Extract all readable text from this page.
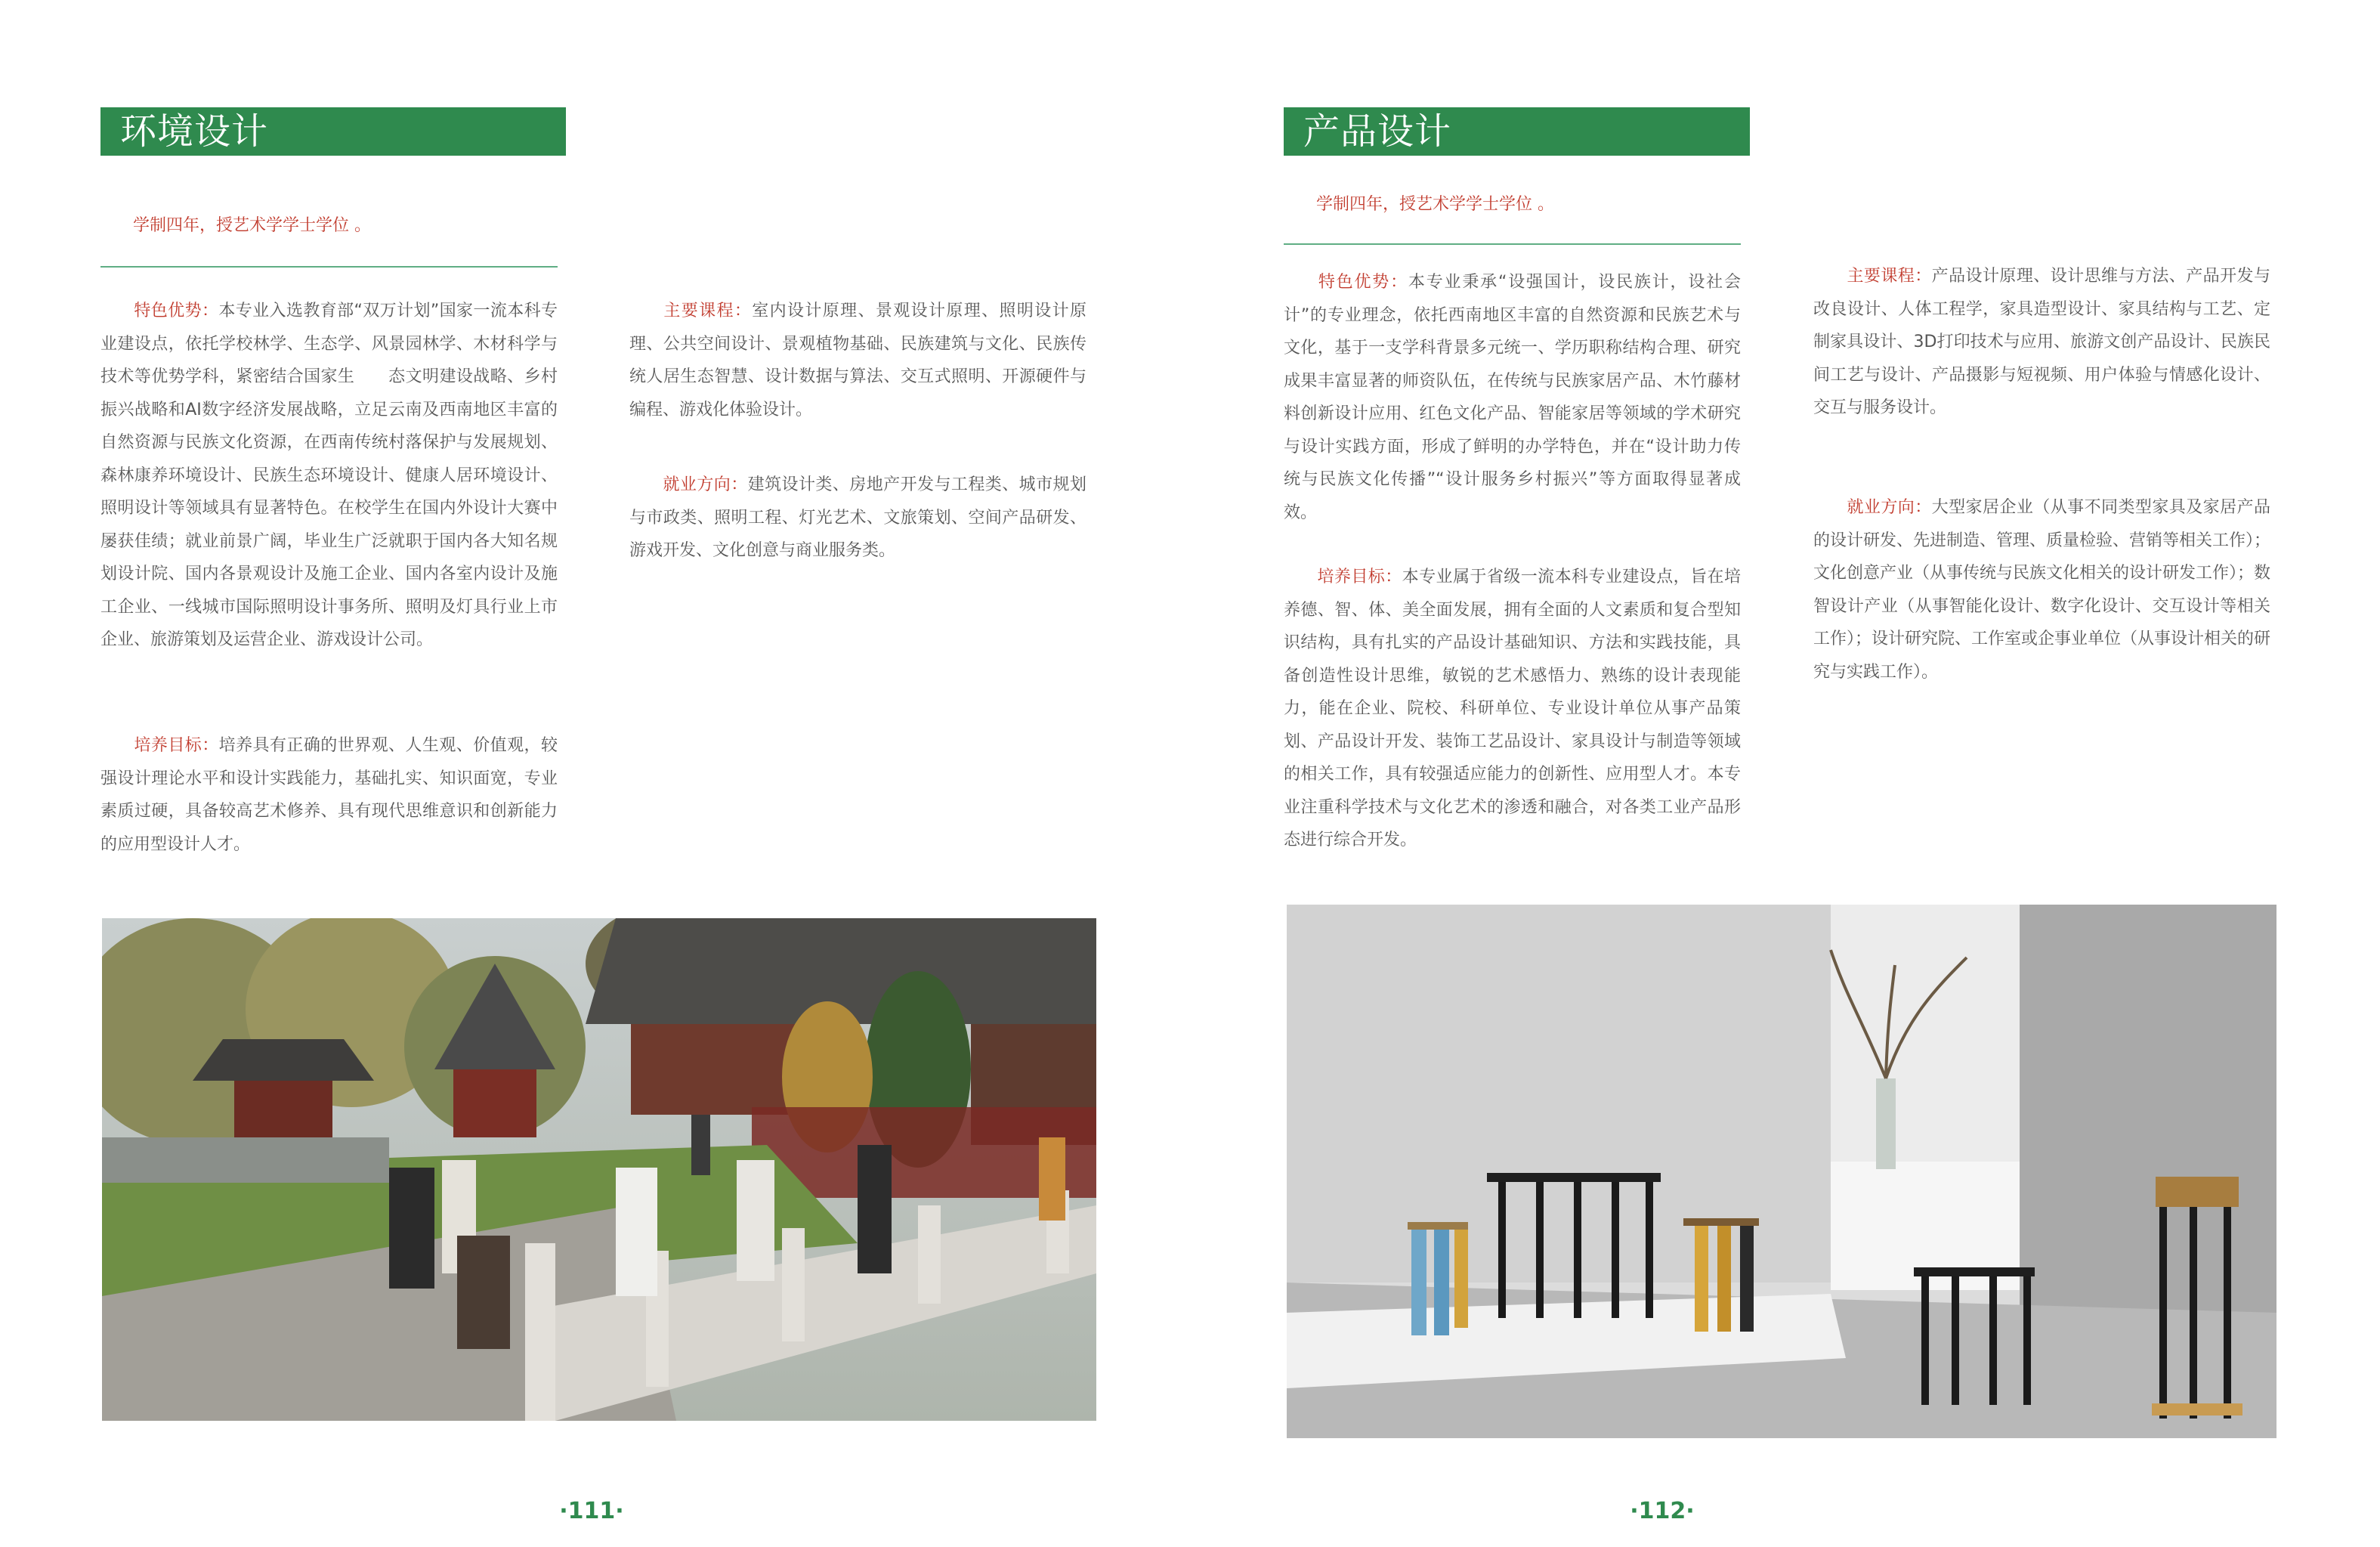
环境设计
学制四年，授艺术学学士学位 。

特色优势：本专业入选教育部“双万计划”国家一流本科专业建设点，依托学校林学、生态学、风景园林学、木材科学与技术等优势学科，紧密结合国家生　　态文明建设战略、乡村振兴战略和AI数字经济发展战略，立足云南及西南地区丰富的自然资源与民族文化资源，在西南传统村落保护与发展规划、森林康养环境设计、民族生态环境设计、健康人居环境设计、照明设计等领域具有显著特色。在校学生在国内外设计大赛中屡获佳绩；就业前景广阔，毕业生广泛就职于国内各大知名规划设计院、国内各景观设计及施工企业、国内各室内设计及施工企业、一线城市国际照明设计事务所、照明及灯具行业上市企业、旅游策划及运营企业、游戏设计公司。

培养目标：培养具有正确的世界观、人生观、价值观，较强设计理论水平和设计实践能力，基础扎实、知识面宽，专业素质过硬，具备较高艺术修养、具有现代思维意识和创新能力的应用型设计人才。

主要课程：室内设计原理、景观设计原理、照明设计原理、公共空间设计、景观植物基础、民族建筑与文化、民族传统人居生态智慧、设计数据与算法、交互式照明、开源硬件与编程、游戏化体验设计。

就业方向：建筑设计类、房地产开发与工程类、城市规划与市政类、照明工程、灯光艺术、文旅策划、空间产品研发、游戏开发、文化创意与商业服务类。

·111·
产品设计
学制四年，授艺术学学士学位 。

特色优势：本专业秉承“设强国计，设民族计，设社会计”的专业理念，依托西南地区丰富的自然资源和民族艺术与文化，基于一支学科背景多元统一、学历职称结构合理、研究成果丰富显著的师资队伍，在传统与民族家居产品、木竹藤材料创新设计应用、红色文化产品、智能家居等领域的学术研究与设计实践方面，形成了鲜明的办学特色，并在“设计助力传统与民族文化传播”“设计服务乡村振兴”等方面取得显著成效。

培养目标：本专业属于省级一流本科专业建设点，旨在培养德、智、体、美全面发展，拥有全面的人文素质和复合型知识结构，具有扎实的产品设计基础知识、方法和实践技能，具备创造性设计思维，敏锐的艺术感悟力、熟练的设计表现能力，能在企业、院校、科研单位、专业设计单位从事产品策划、产品设计开发、装饰工艺品设计、家具设计与制造等领域的相关工作，具有较强适应能力的创新性、应用型人才。本专业注重科学技术与文化艺术的渗透和融合，对各类工业产品形态进行综合开发。

主要课程：产品设计原理、设计思维与方法、产品开发与改良设计、人体工程学，家具造型设计、家具结构与工艺、定制家具设计、3D打印技术与应用、旅游文创产品设计、民族民间工艺与设计、产品摄影与短视频、用户体验与情感化设计、交互与服务设计。

就业方向：大型家居企业（从事不同类型家具及家居产品的设计研发、先进制造、管理、质量检验、营销等相关工作）；文化创意产业（从事传统与民族文化相关的设计研发工作）；数智设计产业（从事智能化设计、数字化设计、交互设计等相关工作）；设计研究院、工作室或企事业单位（从事设计相关的研究与实践工作）。

·112·
